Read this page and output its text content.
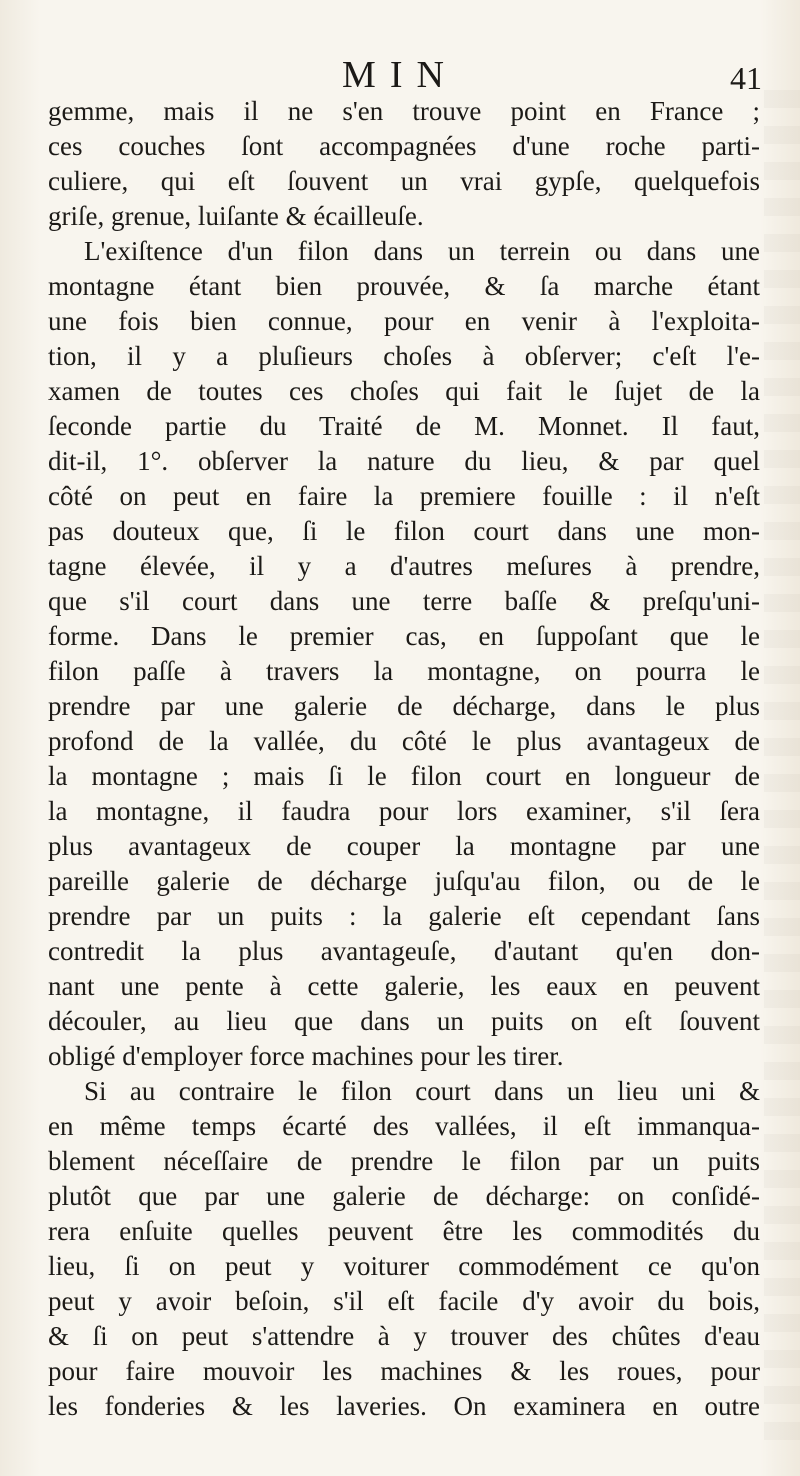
MIN	41
gemme, mais il ne s'en trouve point en France ;
ces couches ſont accompagnées d'une roche parti-
culiere, qui eſt ſouvent un vrai gypſe, quelquefois
griſe, grenue, luiſante & écailleuſe.
L'exiſtence d'un filon dans un terrein ou dans une
montagne étant bien prouvée, & ſa marche étant
une fois bien connue, pour en venir à l'exploita-
tion, il y a pluſieurs choſes à obſerver; c'eſt l'e-
xamen de toutes ces choſes qui fait le ſujet de la
ſeconde partie du Traité de M. Monnet. Il faut,
dit-il, 1°. obſerver la nature du lieu, & par quel
côté on peut en faire la premiere fouille : il n'eſt
pas douteux que, ſi le filon court dans une mon-
tagne élevée, il y a d'autres meſures à prendre,
que s'il court dans une terre baſſe & preſqu'uni-
forme. Dans le premier cas, en ſuppoſant que le
filon paſſe à travers la montagne, on pourra le
prendre par une galerie de décharge, dans le plus
profond de la vallée, du côté le plus avantageux de
la montagne ; mais ſi le filon court en longueur de
la montagne, il faudra pour lors examiner, s'il ſera
plus avantageux de couper la montagne par une
pareille galerie de décharge juſqu'au filon, ou de le
prendre par un puits : la galerie eſt cependant ſans
contredit la plus avantageuſe, d'autant qu'en don-
nant une pente à cette galerie, les eaux en peuvent
découler, au lieu que dans un puits on eſt ſouvent
obligé d'employer force machines pour les tirer.
Si au contraire le filon court dans un lieu uni &
en même temps écarté des vallées, il eſt immanqua-
blement néceſſaire de prendre le filon par un puits
plutôt que par une galerie de décharge: on conſidé-
rera enſuite quelles peuvent être les commodités du
lieu, ſi on peut y voiturer commodément ce qu'on
peut y avoir beſoin, s'il eſt facile d'y avoir du bois,
& ſi on peut s'attendre à y trouver des chûtes d'eau
pour faire mouvoir les machines & les roues, pour
les fonderies & les laveries. On examinera en outre
